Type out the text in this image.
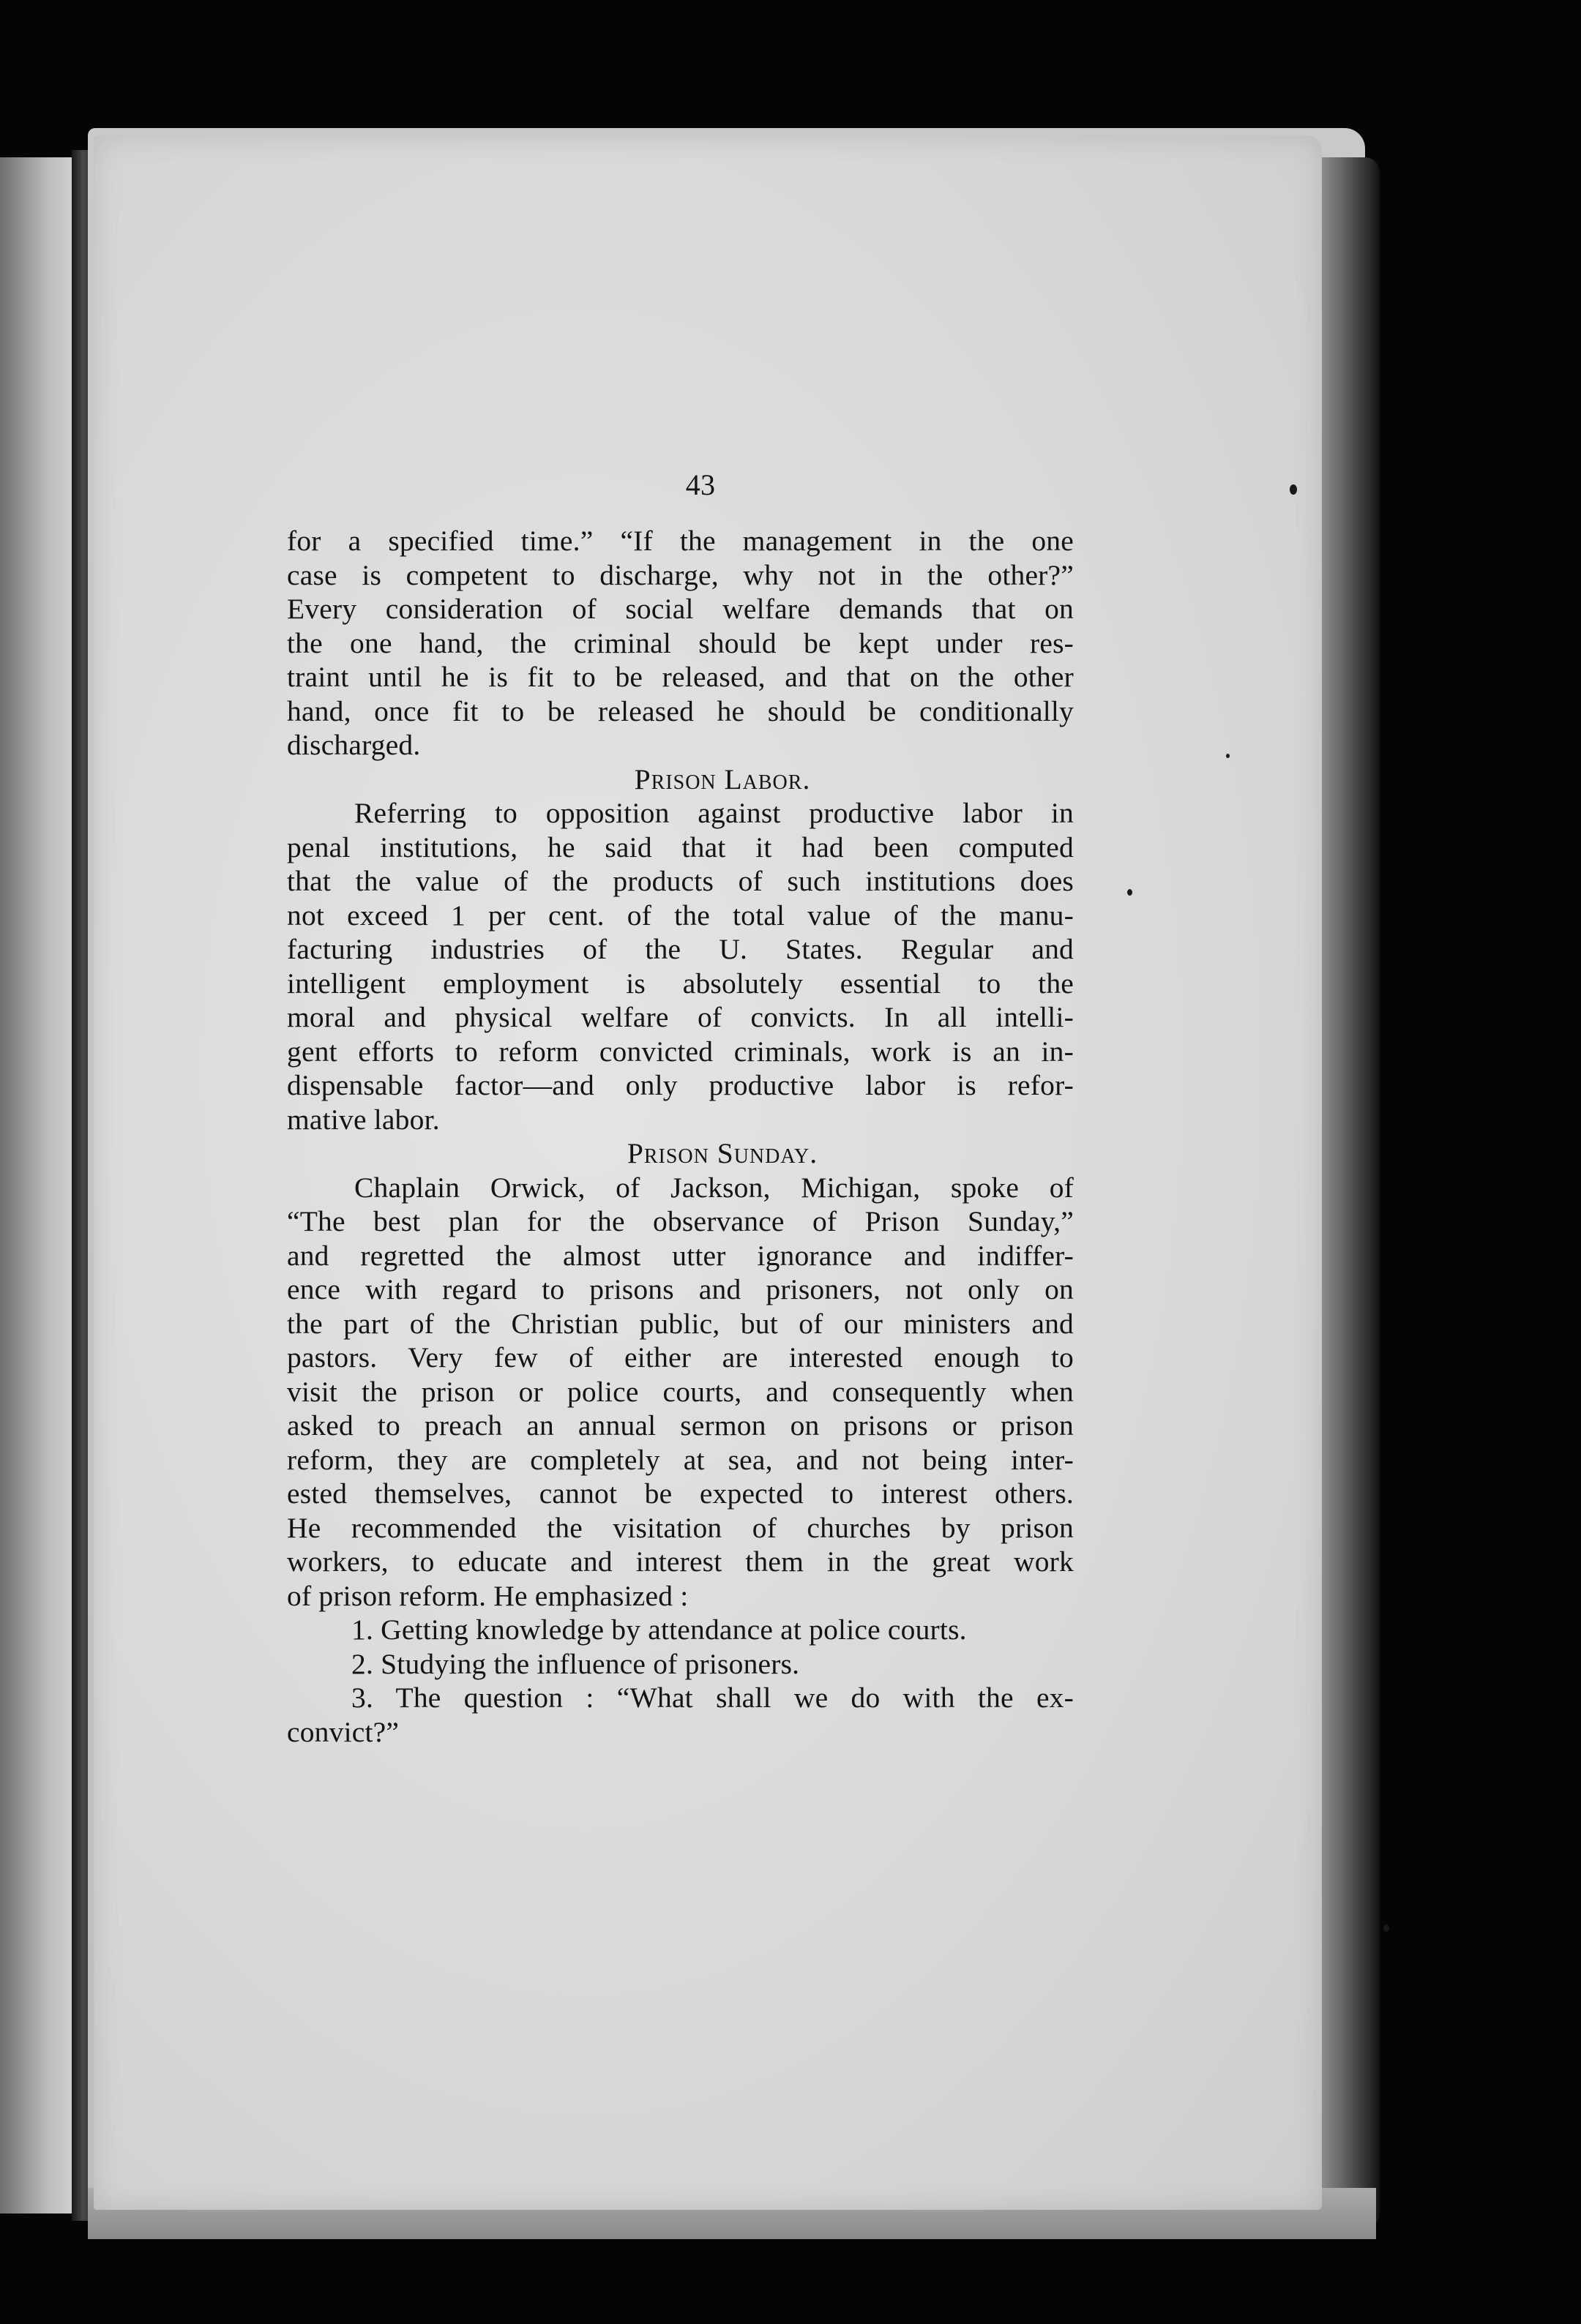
43
for a specified time.” “If the management in the one
case is competent to discharge, why not in the other?”
Every consideration of social welfare demands that on
the one hand, the criminal should be kept under res-
traint until he is fit to be released, and that on the other
hand, once fit to be released he should be conditionally
discharged.
Prison Labor.
Referring to opposition against productive labor in
penal institutions, he said that it had been computed
that the value of the products of such institutions does
not exceed 1 per cent. of the total value of the manu-
facturing industries of the U. States. Regular and
intelligent employment is absolutely essential to the
moral and physical welfare of convicts. In all intelli-
gent efforts to reform convicted criminals, work is an in-
dispensable factor—and only productive labor is refor-
mative labor.
Prison Sunday.
Chaplain Orwick, of Jackson, Michigan, spoke of
“The best plan for the observance of Prison Sunday,”
and regretted the almost utter ignorance and indiffer-
ence with regard to prisons and prisoners, not only on
the part of the Christian public, but of our ministers and
pastors. Very few of either are interested enough to
visit the prison or police courts, and consequently when
asked to preach an annual sermon on prisons or prison
reform, they are completely at sea, and not being inter-
ested themselves, cannot be expected to interest others.
He recommended the visitation of churches by prison
workers, to educate and interest them in the great work
of prison reform. He emphasized :
1. Getting knowledge by attendance at police courts.
2. Studying the influence of prisoners.
3. The question : “What shall we do with the ex-
convict?”
